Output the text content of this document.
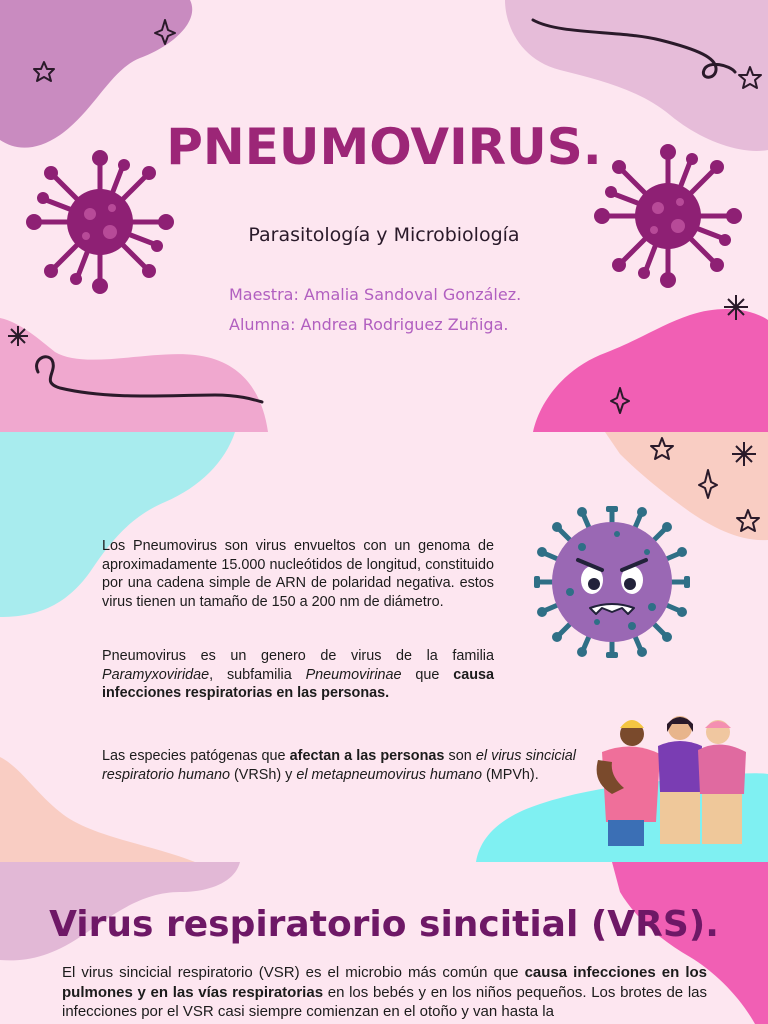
PNEUMOVIRUS.
Parasitología y Microbiología
Maestra: Amalia Sandoval González.
Alumna: Andrea Rodriguez Zuñiga.

Los Pneumovirus son virus envueltos con un genoma de aproximadamente 15.000 nucleótidos de longitud, constituido por una cadena simple de ARN de polaridad negativa. estos virus tienen un tamaño de 150 a 200 nm de diámetro.

Pneumovirus es un genero de virus de la familia Paramyxoviridae, subfamilia Pneumovirinae que causa infecciones respiratorias en las personas.

Las especies patógenas que afectan a las personas son el virus sincicial respiratorio humano (VRSh) y el metapneumovirus humano (MPVh).

Virus respiratorio sincitial (VRS).

El virus sincicial respiratorio (VSR) es el microbio más común que causa infecciones en los pulmones y en las vías respiratorias en los bebés y en los niños pequeños. Los brotes de las infecciones por el VSR casi siempre comienzan en el otoño y van hasta la
